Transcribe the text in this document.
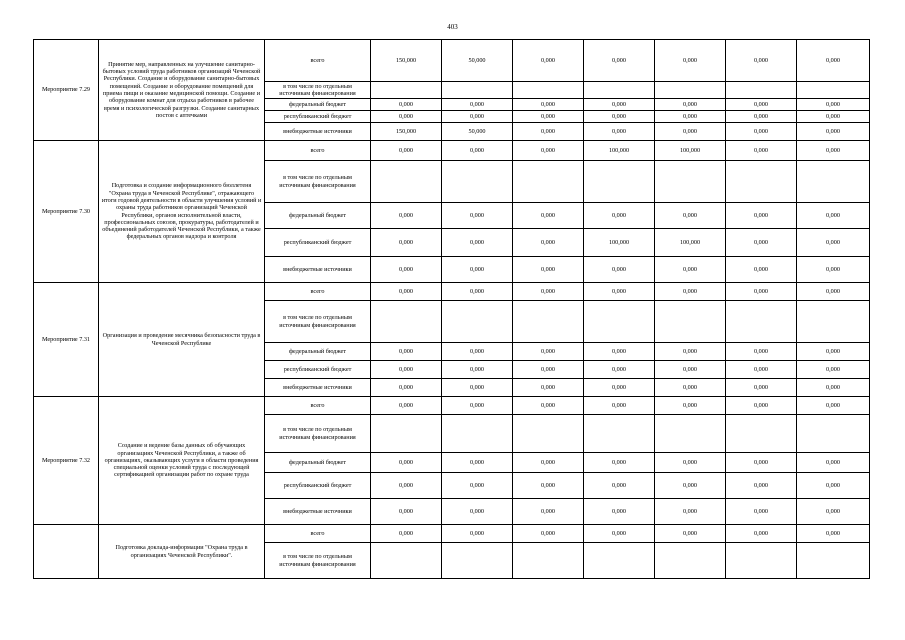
403
Мероприятие 7.29	Принятие мер, направленных на улучшение санитарно-бытовых условий труда работников организаций Чеченской Республики. Создание и оборудование санитарно-бытовых помещений. Создание и оборудование помещений для приема пищи и оказание медицинской помощи. Создание и оборудование комнат для отдыха работников в рабочее время и психологической разгрузки. Создание санитарных постов с аптечками	всего	150,000	50,000	0,000	0,000	0,000	0,000	0,000
		в том числе по отдельным источникам финансирования							
		федеральный бюджет	0,000	0,000	0,000	0,000	0,000	0,000	0,000
		республиканский бюджет	0,000	0,000	0,000	0,000	0,000	0,000	0,000
		внебюджетные источники	150,000	50,000	0,000	0,000	0,000	0,000	0,000
Мероприятие 7.30	Подготовка и создание информационного бюллетеня "Охрана труда в Чеченской Республике", отражающего итоги годовой деятельности в области улучшения условий и охраны труда работников организаций Чеченской Республики, органов исполнительной власти, профессиональных союзов, прокуратуры, работодателей и объединений работодателей Чеченской Республики, а также федеральных органов надзора и контроля	всего	0,000	0,000	0,000	100,000	100,000	0,000	0,000
		в том числе по отдельным источникам финансирования							
		федеральный бюджет	0,000	0,000	0,000	0,000	0,000	0,000	0,000
		республиканский бюджет	0,000	0,000	0,000	100,000	100,000	0,000	0,000
		внебюджетные источники	0,000	0,000	0,000	0,000	0,000	0,000	0,000
Мероприятие 7.31	Организация и проведение месячника безопасности труда в Чеченской Республике	всего	0,000	0,000	0,000	0,000	0,000	0,000	0,000
		в том числе по отдельным источникам финансирования							
		федеральный бюджет	0,000	0,000	0,000	0,000	0,000	0,000	0,000
		республиканский бюджет	0,000	0,000	0,000	0,000	0,000	0,000	0,000
		внебюджетные источники	0,000	0,000	0,000	0,000	0,000	0,000	0,000
Мероприятие 7.32	Создание и ведение базы данных об обучающих организациях Чеченской Республики, а также об организациях, оказывающих услуги в области проведения специальной оценки условий труда с последующей сертификацией организации работ по охране труда	всего	0,000	0,000	0,000	0,000	0,000	0,000	0,000
		в том числе по отдельным источникам финансирования							
		федеральный бюджет	0,000	0,000	0,000	0,000	0,000	0,000	0,000
		республиканский бюджет	0,000	0,000	0,000	0,000	0,000	0,000	0,000
		внебюджетные источники	0,000	0,000	0,000	0,000	0,000	0,000	0,000
	Подготовка доклада-информации "Охрана труда в организациях Чеченской Республики".	всего	0,000	0,000	0,000	0,000	0,000	0,000	0,000
		в том числе по отдельным источникам финансирования							
